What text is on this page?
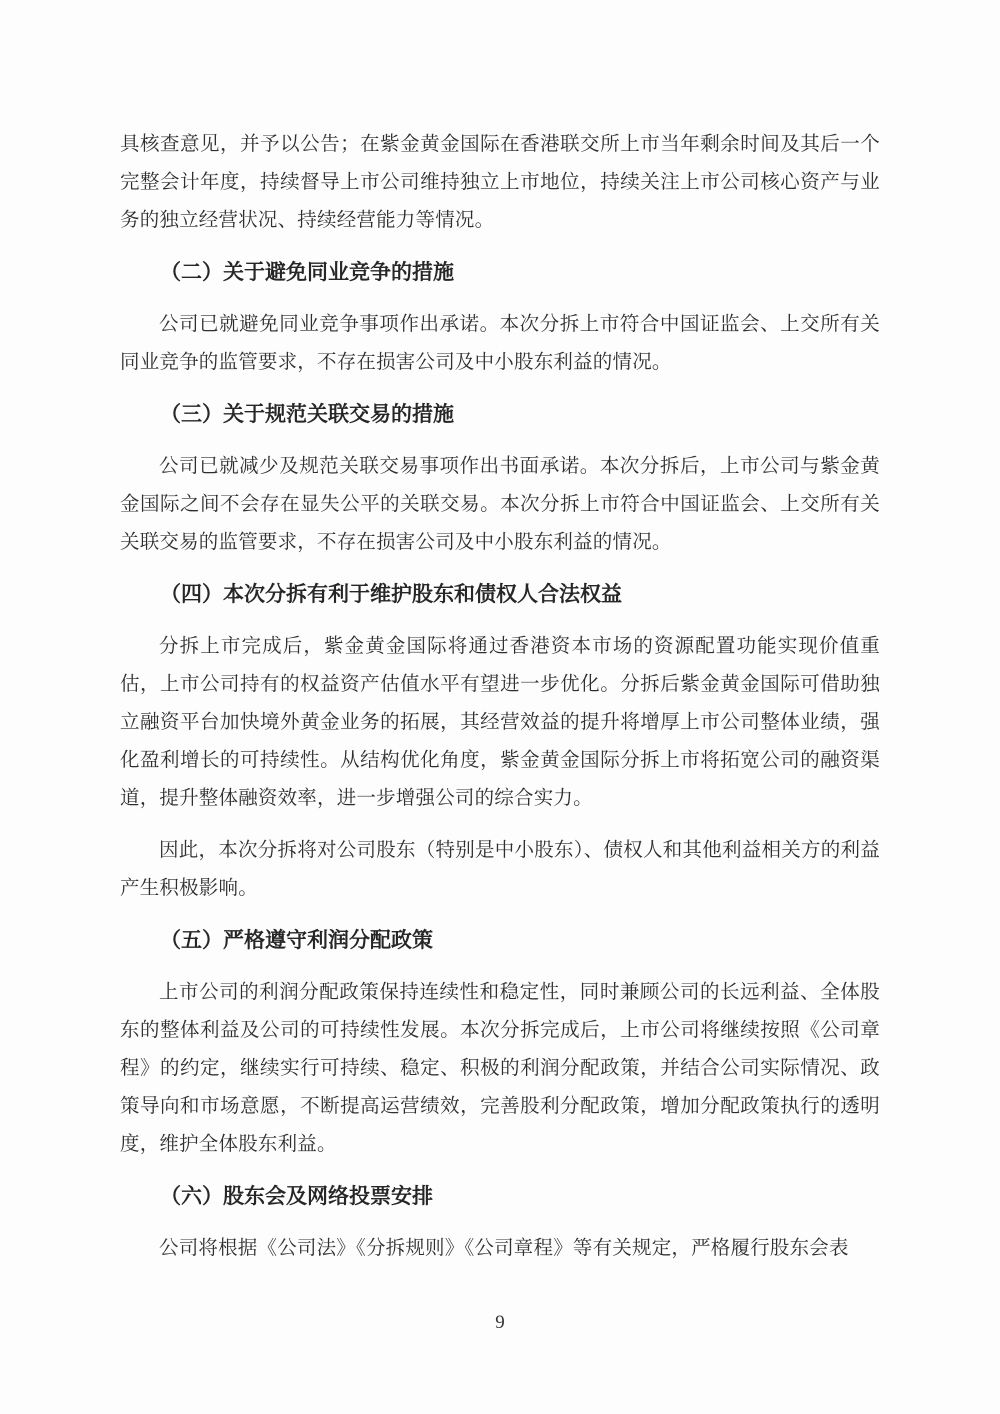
具核查意见，并予以公告；在紫金黄金国际在香港联交所上市当年剩余时间及其后一个完整会计年度，持续督导上市公司维持独立上市地位，持续关注上市公司核心资产与业务的独立经营状况、持续经营能力等情况。

（二）关于避免同业竞争的措施

公司已就避免同业竞争事项作出承诺。本次分拆上市符合中国证监会、上交所有关同业竞争的监管要求，不存在损害公司及中小股东利益的情况。

（三）关于规范关联交易的措施

公司已就减少及规范关联交易事项作出书面承诺。本次分拆后，上市公司与紫金黄金国际之间不会存在显失公平的关联交易。本次分拆上市符合中国证监会、上交所有关关联交易的监管要求，不存在损害公司及中小股东利益的情况。

（四）本次分拆有利于维护股东和债权人合法权益

分拆上市完成后，紫金黄金国际将通过香港资本市场的资源配置功能实现价值重估，上市公司持有的权益资产估值水平有望进一步优化。分拆后紫金黄金国际可借助独立融资平台加快境外黄金业务的拓展，其经营效益的提升将增厚上市公司整体业绩，强化盈利增长的可持续性。从结构优化角度，紫金黄金国际分拆上市将拓宽公司的融资渠道，提升整体融资效率，进一步增强公司的综合实力。

因此，本次分拆将对公司股东（特别是中小股东）、债权人和其他利益相关方的利益产生积极影响。

（五）严格遵守利润分配政策

上市公司的利润分配政策保持连续性和稳定性，同时兼顾公司的长远利益、全体股东的整体利益及公司的可持续性发展。本次分拆完成后，上市公司将继续按照《公司章程》的约定，继续实行可持续、稳定、积极的利润分配政策，并结合公司实际情况、政策导向和市场意愿，不断提高运营绩效，完善股利分配政策，增加分配政策执行的透明度，维护全体股东利益。

（六）股东会及网络投票安排

公司将根据《公司法》《分拆规则》《公司章程》等有关规定，严格履行股东会表

9
